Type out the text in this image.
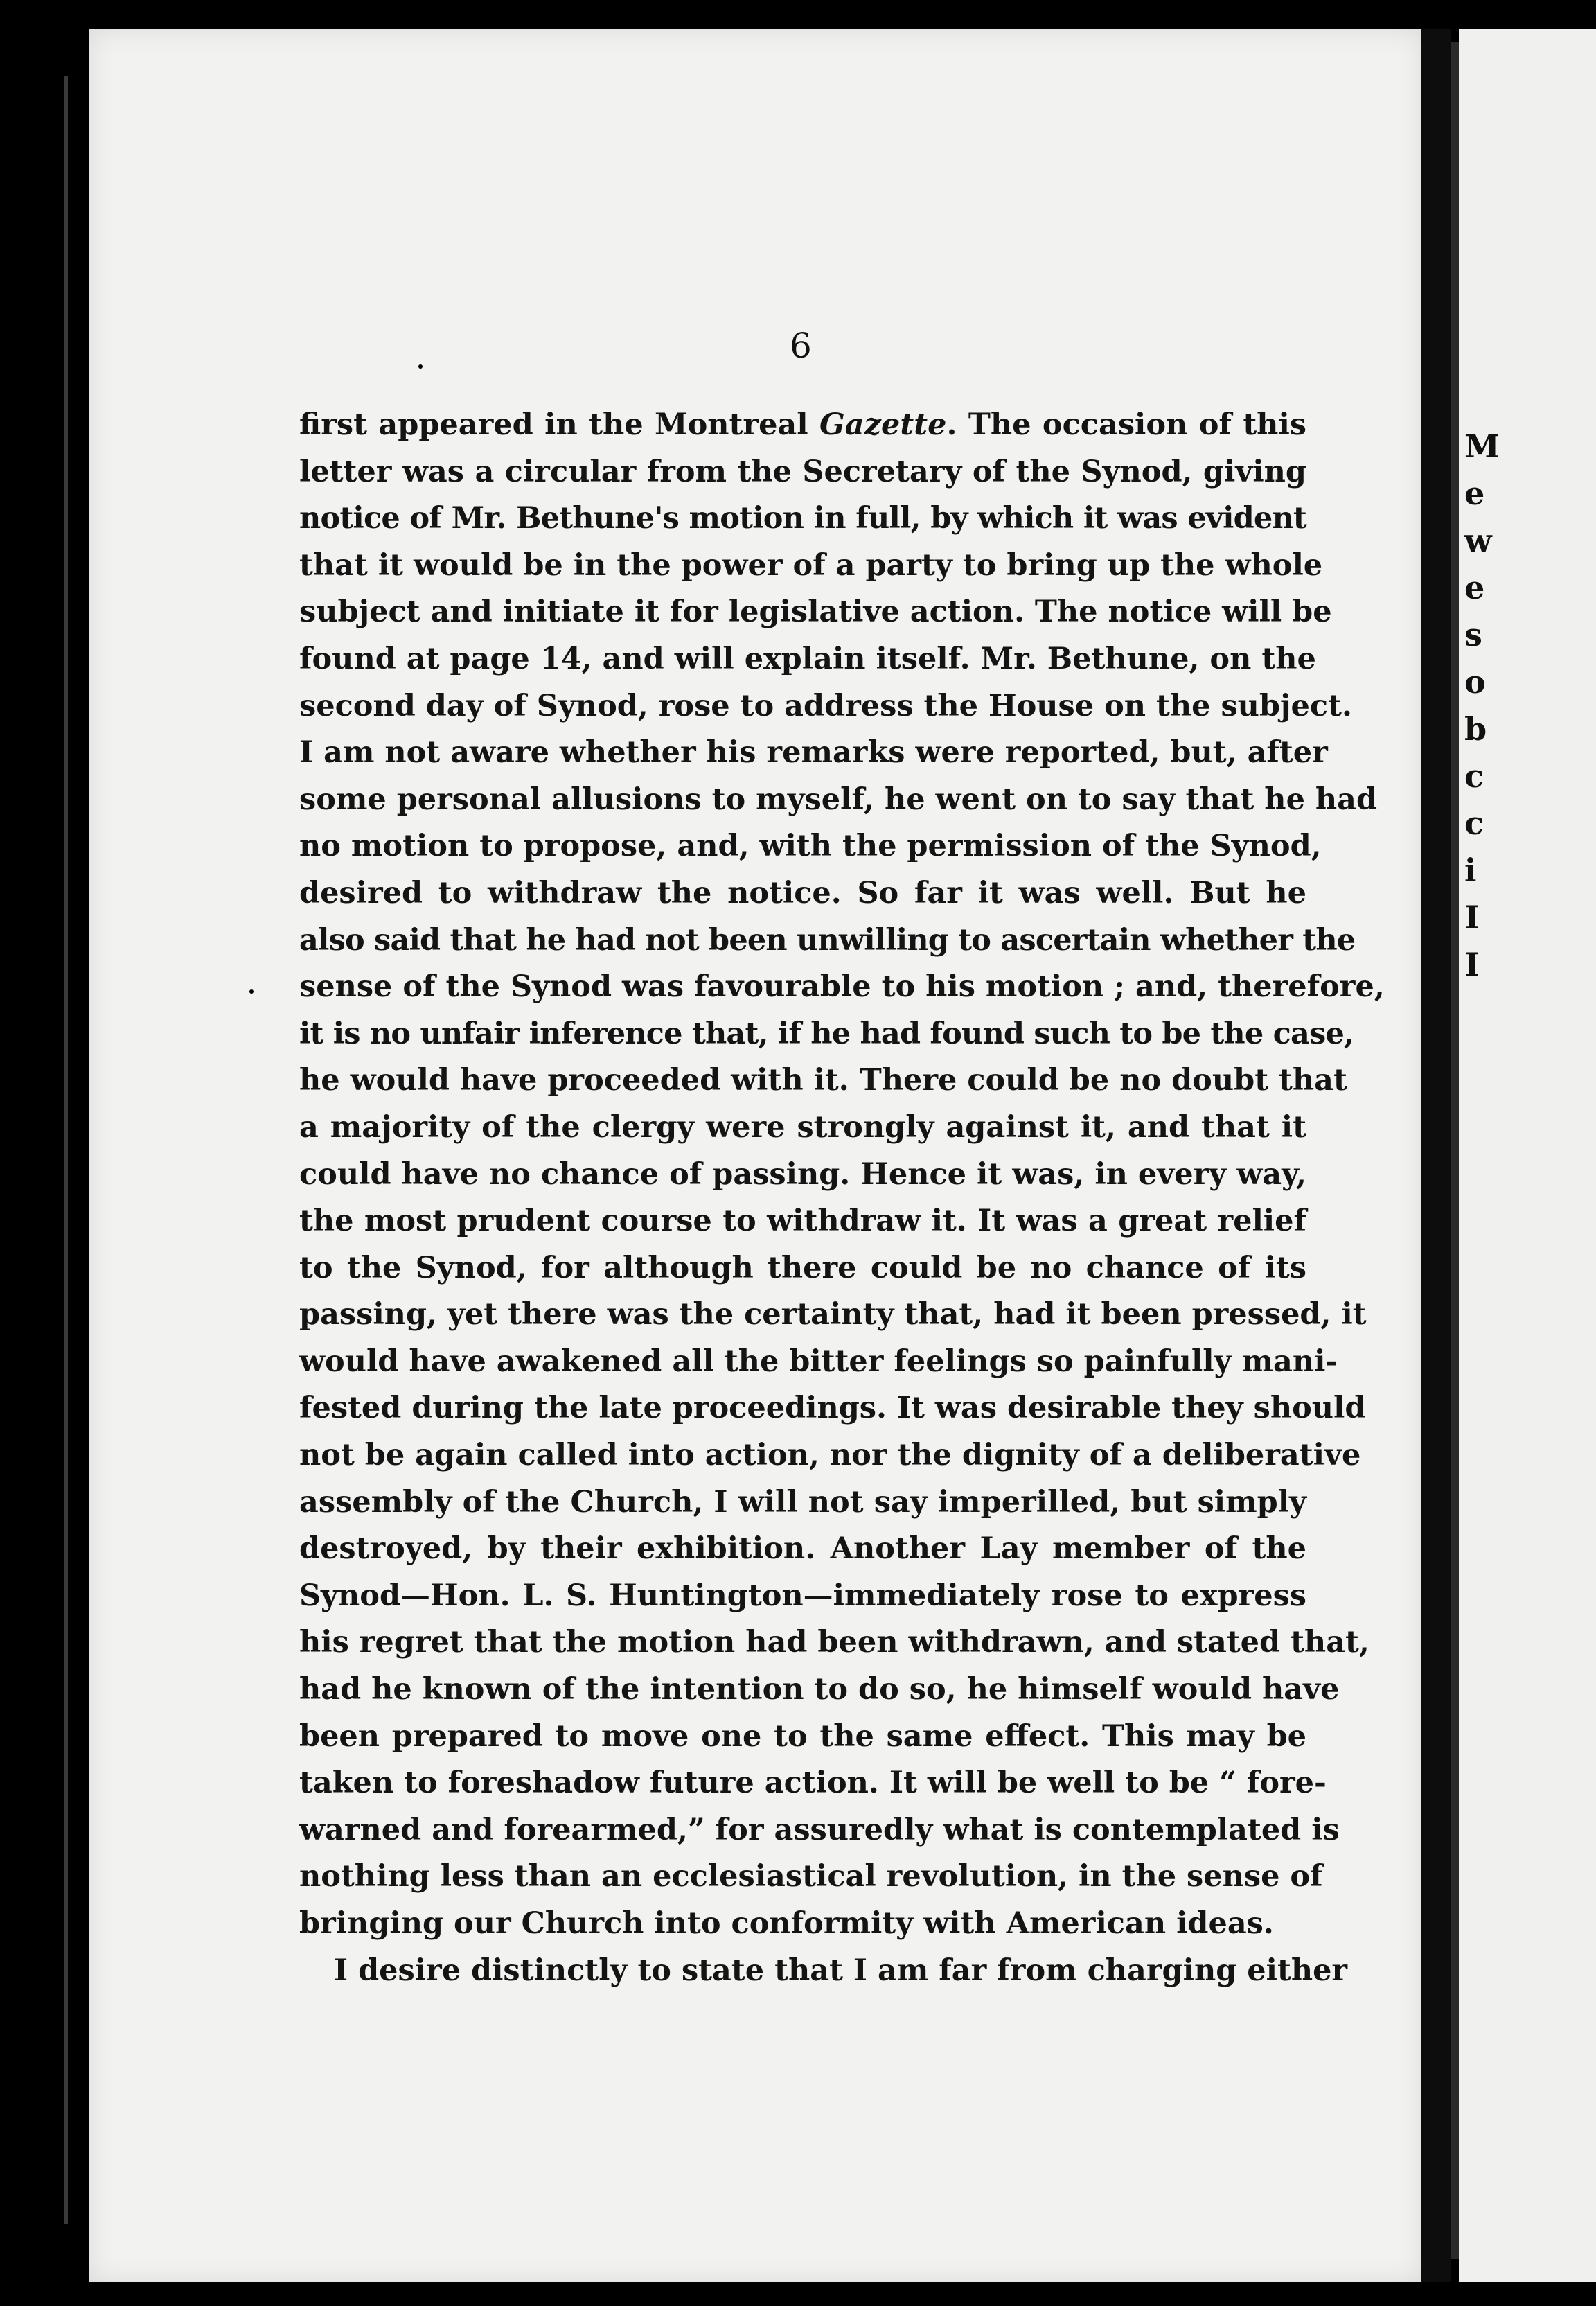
M
e
w
e
s
o
b
c
c
i
I
I
6
first appeared in the Montreal Gazette. The occasion of this
letter was a circular from the Secretary of the Synod, giving
notice of Mr. Bethune's motion in full, by which it was evident
that it would be in the power of a party to bring up the whole
subject and initiate it for legislative action. The notice will be
found at page 14, and will explain itself. Mr. Bethune, on the
second day of Synod, rose to address the House on the subject.
I am not aware whether his remarks were reported, but, after
some personal allusions to myself, he went on to say that he had
no motion to propose, and, with the permission of the Synod,
desired to withdraw the notice. So far it was well. But he
also said that he had not been unwilling to ascertain whether the
sense of the Synod was favourable to his motion ; and, therefore,
it is no unfair inference that, if he had found such to be the case,
he would have proceeded with it. There could be no doubt that
a majority of the clergy were strongly against it, and that it
could have no chance of passing. Hence it was, in every way,
the most prudent course to withdraw it. It was a great relief
to the Synod, for although there could be no chance of its
passing, yet there was the certainty that, had it been pressed, it
would have awakened all the bitter feelings so painfully mani-
fested during the late proceedings. It was desirable they should
not be again called into action, nor the dignity of a deliberative
assembly of the Church, I will not say imperilled, but simply
destroyed, by their exhibition. Another Lay member of the
Synod—Hon. L. S. Huntington—immediately rose to express
his regret that the motion had been withdrawn, and stated that,
had he known of the intention to do so, he himself would have
been prepared to move one to the same effect. This may be
taken to foreshadow future action. It will be well to be “ fore-
warned and forearmed,” for assuredly what is contemplated is
nothing less than an ecclesiastical revolution, in the sense of
bringing our Church into conformity with American ideas.
I desire distinctly to state that I am far from charging either
